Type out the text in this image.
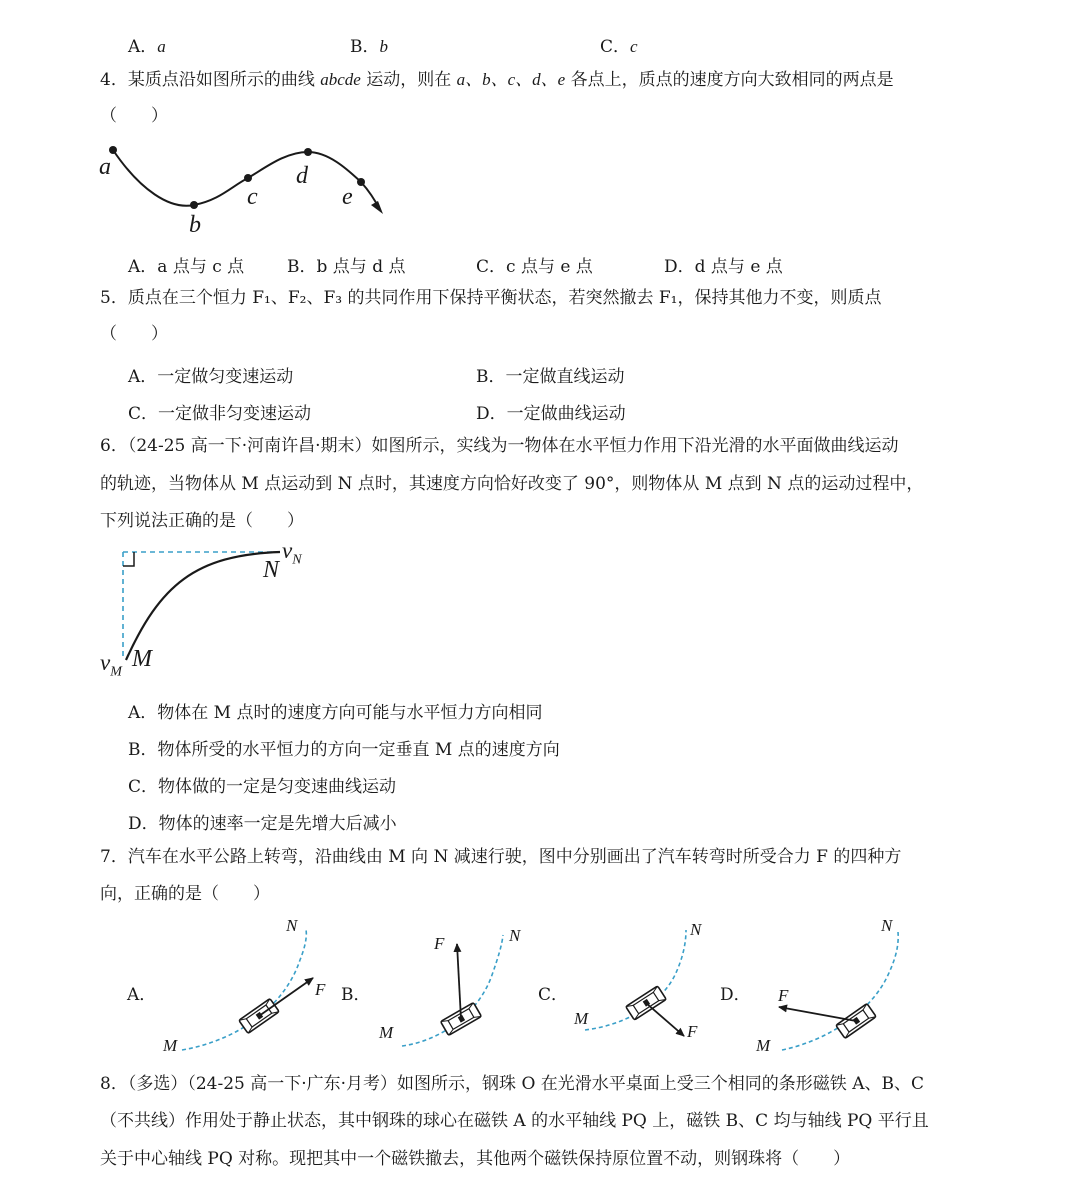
A．a	B．b	C．c
4．某质点沿如图所示的曲线 abcde 运动，则在 a、b、c、d、e 各点上，质点的速度方向大致相同的两点是
（　　）
a
b
c
d
e
A．a 点与 c 点	B．b 点与 d 点	C．c 点与 e 点	D．d 点与 e 点
5．质点在三个恒力 F₁、F₂、F₃ 的共同作用下保持平衡状态，若突然撤去 F₁，保持其他力不变，则质点
（　　）
A．一定做匀变速运动	B．一定做直线运动
C．一定做非匀变速运动	D．一定做曲线运动
6．（24-25 高一下·河南许昌·期末）如图所示，实线为一物体在水平恒力作用下沿光滑的水平面做曲线运动
的轨迹，当物体从 M 点运动到 N 点时，其速度方向恰好改变了 90°，则物体从 M 点到 N 点的运动过程中，
下列说法正确的是（　　）
$v_N$
N
$v_M$
M
A．物体在 M 点时的速度方向可能与水平恒力方向相同
B．物体所受的水平恒力的方向一定垂直 M 点的速度方向
C．物体做的一定是匀变速曲线运动
D．物体的速率一定是先增大后减小
7．汽车在水平公路上转弯，沿曲线由 M 向 N 减速行驶，图中分别画出了汽车转弯时所受合力 F 的四种方
向，正确的是（　　）
A．
N
F
M
B．
F	N
M
C．
N
M
F
D．
N
F
M
8．（多选）（24-25 高一下·广东·月考）如图所示，钢珠 O 在光滑水平桌面上受三个相同的条形磁铁 A、B、C
（不共线）作用处于静止状态，其中钢珠的球心在磁铁 A 的水平轴线 PQ 上，磁铁 B、C 均与轴线 PQ 平行且
关于中心轴线 PQ 对称。现把其中一个磁铁撤去，其他两个磁铁保持原位置不动，则钢珠将（　　）
